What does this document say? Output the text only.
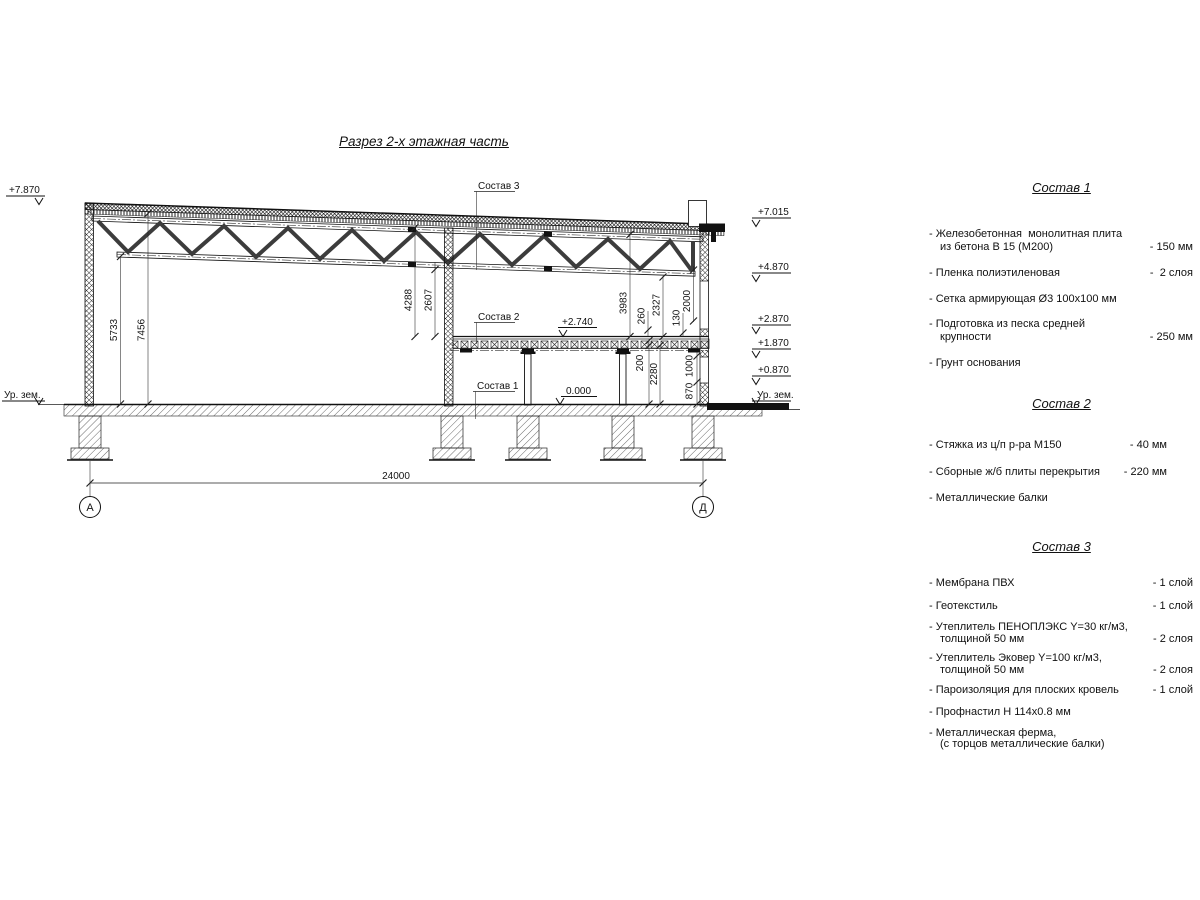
Разрез 2-х этажная часть
5733 7456
4288 2607	3983
260 2327
130
2000
200 2280 1000
870
+7.870
Ур. зем.
+7.015
+4.870
+2.870
+1.870
+0.870
Ур. зем.
+2.740
0.000
Состав 3
Состав 2
Состав 1
24000
А	Д
Состав 1
- Железобетонная  монолитная плита
из бетона В 15 (М200)	- 150 мм
- Пленка полиэтиленовая	-  2 слоя
- Сетка армирующая Ø3 100х100 мм
- Подготовка из песка средней
крупности	- 250 мм
- Грунт основания
Состав 2
- Стяжка из ц/п р-ра М150	- 40 мм
- Сборные ж/б плиты перекрытия - 220 мм
- Металлические балки
Состав 3
- Мембрана ПВХ	- 1 слой
- Геотекстиль	- 1 слой
- Утеплитель ПЕНОПЛЭКС Y=30 кг/м3,
толщиной 50 мм	- 2 слоя
- Утеплитель Эковер Y=100 кг/м3,
толщиной 50 мм	- 2 слоя
- Пароизоляция для плоских кровель	- 1 слой
- Профнастил Н 114х0.8 мм
- Металлическая ферма,
(с торцов металлические балки)
